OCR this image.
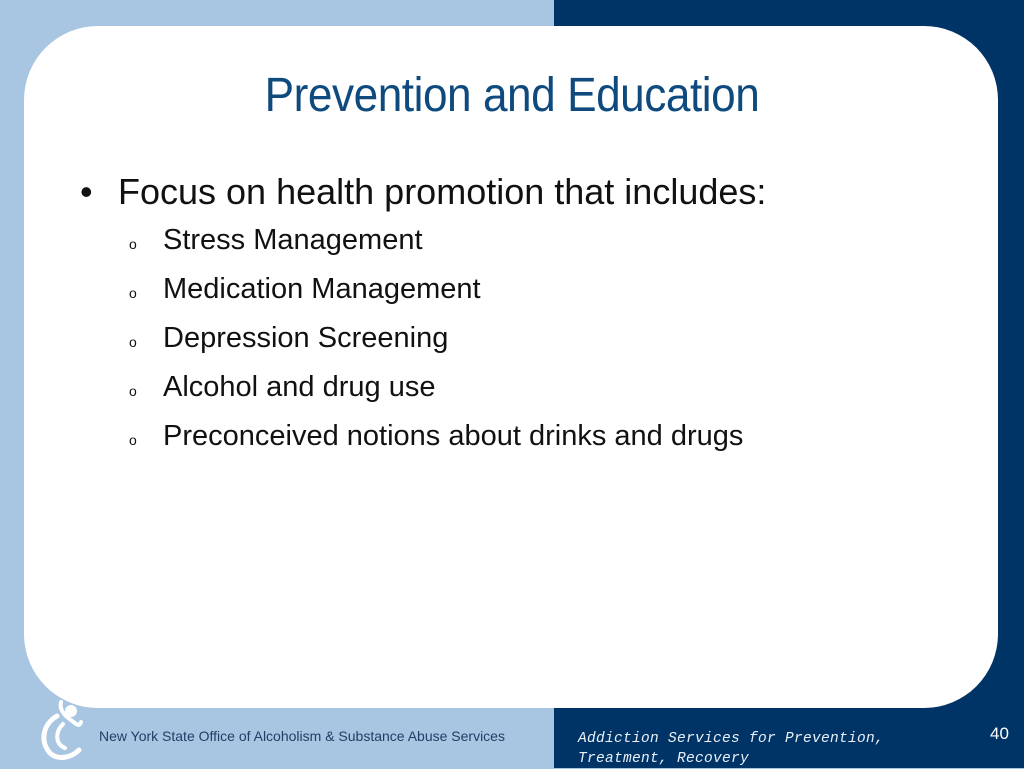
Prevention and Education
• Focus on health promotion that includes:
o Stress Management
o Medication Management
o Depression Screening
o Alcohol and drug use
o Preconceived notions about drinks and drugs
New York State Office of Alcoholism & Substance Abuse Services	Addiction Services for Prevention,
Treatment, Recovery
40
